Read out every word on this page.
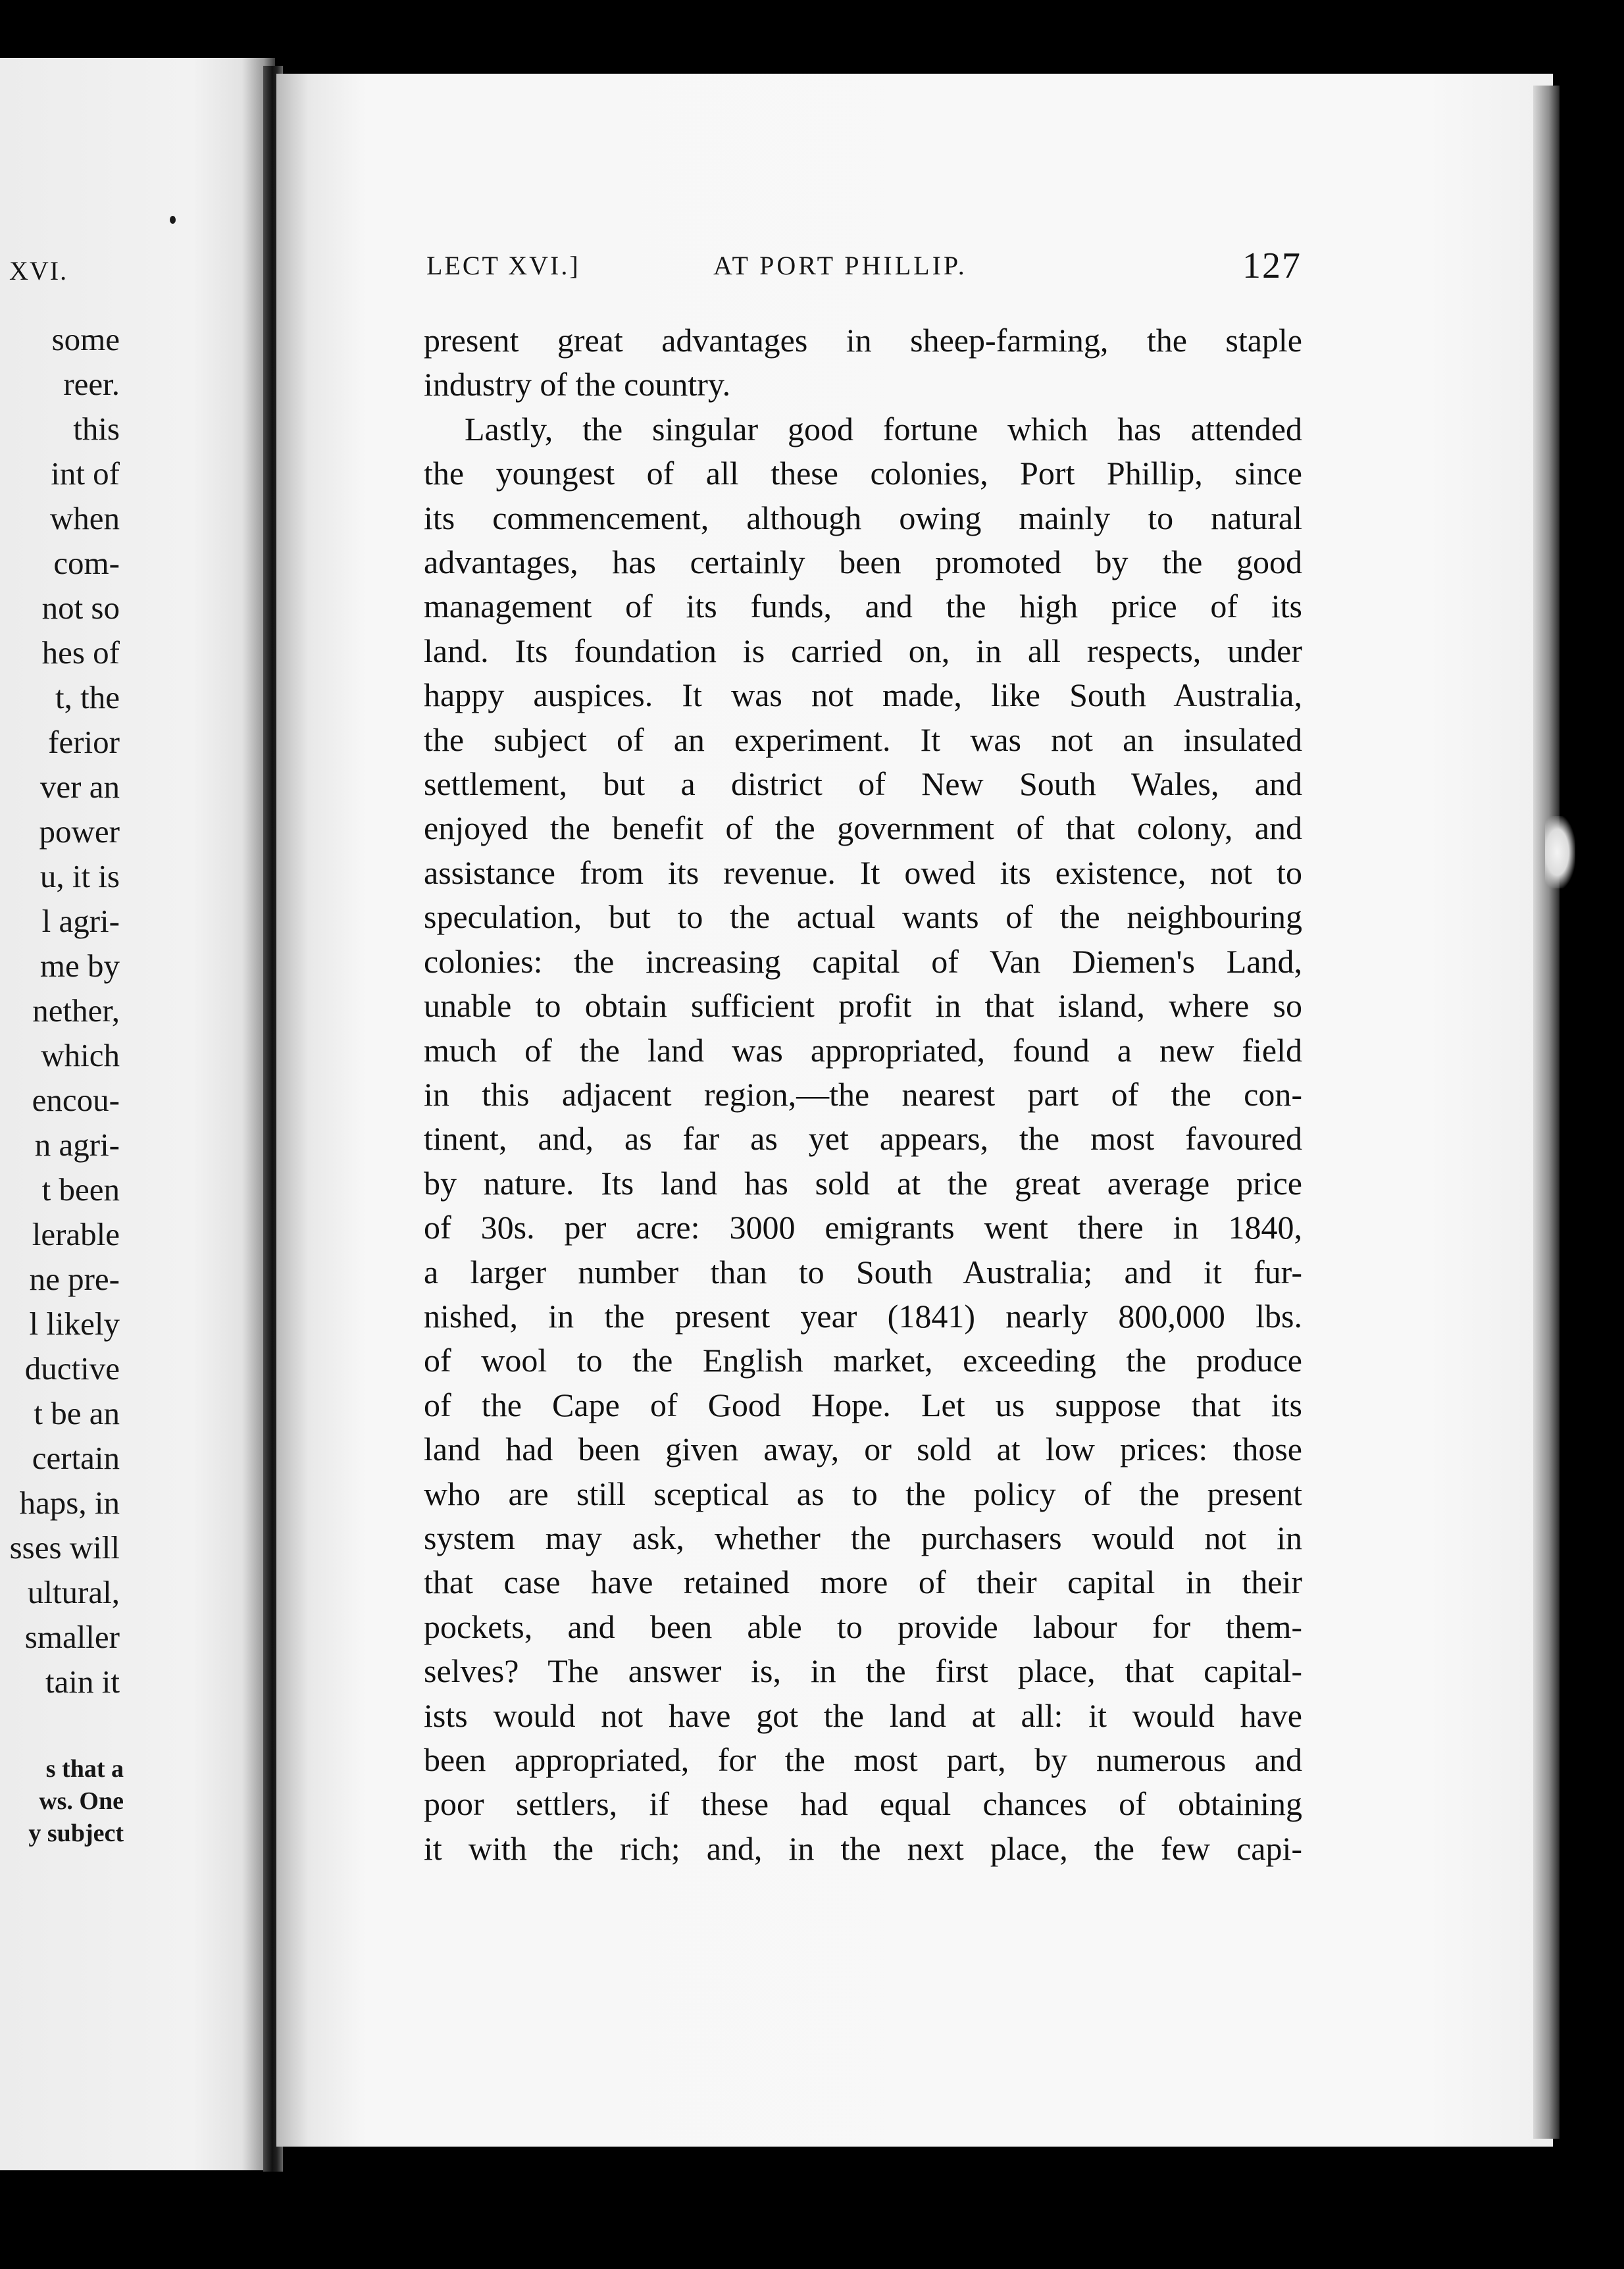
XVI.
some
reer.
this
int of
when
com-
not so
hes of
t, the
ferior
ver an
power
u, it is
l agri-
me by
nether,
which
encou-
n agri-
t been
lerable
ne pre-
l likely
ductive
t be an
certain
haps, in
sses will
ultural,
smaller
tain it
s that a
ws. One
y subject
LECT XVI.]	AT PORT PHILLIP.	127
present great advantages in sheep-farming, the staple
industry of the country.
Lastly, the singular good fortune which has attended
the youngest of all these colonies, Port Phillip, since
its commencement, although owing mainly to natural
advantages, has certainly been promoted by the good
management of its funds, and the high price of its
land. Its foundation is carried on, in all respects, under
happy auspices. It was not made, like South Australia,
the subject of an experiment. It was not an insulated
settlement, but a district of New South Wales, and
enjoyed the benefit of the government of that colony, and
assistance from its revenue. It owed its existence, not to
speculation, but to the actual wants of the neighbouring
colonies: the increasing capital of Van Diemen's Land,
unable to obtain sufficient profit in that island, where so
much of the land was appropriated, found a new field
in this adjacent region,—the nearest part of the con-
tinent, and, as far as yet appears, the most favoured
by nature. Its land has sold at the great average price
of 30s. per acre: 3000 emigrants went there in 1840,
a larger number than to South Australia; and it fur-
nished, in the present year (1841) nearly 800,000 lbs.
of wool to the English market, exceeding the produce
of the Cape of Good Hope. Let us suppose that its
land had been given away, or sold at low prices: those
who are still sceptical as to the policy of the present
system may ask, whether the purchasers would not in
that case have retained more of their capital in their
pockets, and been able to provide labour for them-
selves? The answer is, in the first place, that capital-
ists would not have got the land at all: it would have
been appropriated, for the most part, by numerous and
poor settlers, if these had equal chances of obtaining
it with the rich; and, in the next place, the few capi-
